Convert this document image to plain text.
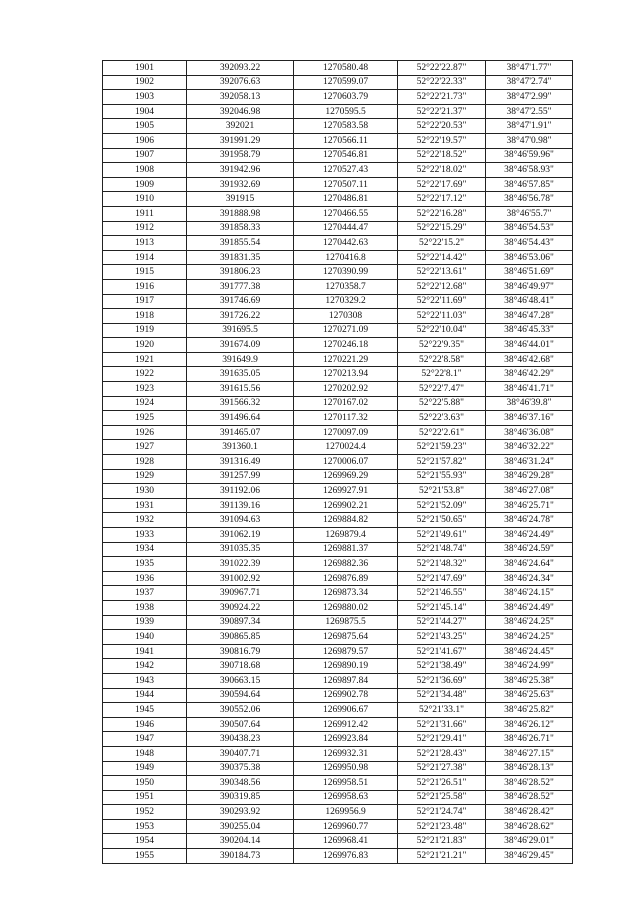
1901	392093.22	1270580.48	52°22'22.87"	38°47'1.77"
1902	392076.63	1270599.07	52°22'22.33"	38°47'2.74"
1903	392058.13	1270603.79	52°22'21.73"	38°47'2.99"
1904	392046.98	1270595.5	52°22'21.37"	38°47'2.55"
1905	392021	1270583.58	52°22'20.53"	38°47'1.91"
1906	391991.29	1270566.11	52°22'19.57"	38°47'0.98"
1907	391958.79	1270546.81	52°22'18.52"	38°46'59.96"
1908	391942.96	1270527.43	52°22'18.02"	38°46'58.93"
1909	391932.69	1270507.11	52°22'17.69"	38°46'57.85"
1910	391915	1270486.81	52°22'17.12"	38°46'56.78"
1911	391888.98	1270466.55	52°22'16.28"	38°46'55.7"
1912	391858.33	1270444.47	52°22'15.29"	38°46'54.53"
1913	391855.54	1270442.63	52°22'15.2"	38°46'54.43"
1914	391831.35	1270416.8	52°22'14.42"	38°46'53.06"
1915	391806.23	1270390.99	52°22'13.61"	38°46'51.69"
1916	391777.38	1270358.7	52°22'12.68"	38°46'49.97"
1917	391746.69	1270329.2	52°22'11.69"	38°46'48.41"
1918	391726.22	1270308	52°22'11.03"	38°46'47.28"
1919	391695.5	1270271.09	52°22'10.04"	38°46'45.33"
1920	391674.09	1270246.18	52°22'9.35"	38°46'44.01"
1921	391649.9	1270221.29	52°22'8.58"	38°46'42.68"
1922	391635.05	1270213.94	52°22'8.1"	38°46'42.29"
1923	391615.56	1270202.92	52°22'7.47"	38°46'41.71"
1924	391566.32	1270167.02	52°22'5.88"	38°46'39.8"
1925	391496.64	1270117.32	52°22'3.63"	38°46'37.16"
1926	391465.07	1270097.09	52°22'2.61"	38°46'36.08"
1927	391360.1	1270024.4	52°21'59.23"	38°46'32.22"
1928	391316.49	1270006.07	52°21'57.82"	38°46'31.24"
1929	391257.99	1269969.29	52°21'55.93"	38°46'29.28"
1930	391192.06	1269927.91	52°21'53.8"	38°46'27.08"
1931	391139.16	1269902.21	52°21'52.09"	38°46'25.71"
1932	391094.63	1269884.82	52°21'50.65"	38°46'24.78"
1933	391062.19	1269879.4	52°21'49.61"	38°46'24.49"
1934	391035.35	1269881.37	52°21'48.74"	38°46'24.59"
1935	391022.39	1269882.36	52°21'48.32"	38°46'24.64"
1936	391002.92	1269876.89	52°21'47.69"	38°46'24.34"
1937	390967.71	1269873.34	52°21'46.55"	38°46'24.15"
1938	390924.22	1269880.02	52°21'45.14"	38°46'24.49"
1939	390897.34	1269875.5	52°21'44.27"	38°46'24.25"
1940	390865.85	1269875.64	52°21'43.25"	38°46'24.25"
1941	390816.79	1269879.57	52°21'41.67"	38°46'24.45"
1942	390718.68	1269890.19	52°21'38.49"	38°46'24.99"
1943	390663.15	1269897.84	52°21'36.69"	38°46'25.38"
1944	390594.64	1269902.78	52°21'34.48"	38°46'25.63"
1945	390552.06	1269906.67	52°21'33.1"	38°46'25.82"
1946	390507.64	1269912.42	52°21'31.66"	38°46'26.12"
1947	390438.23	1269923.84	52°21'29.41"	38°46'26.71"
1948	390407.71	1269932.31	52°21'28.43"	38°46'27.15"
1949	390375.38	1269950.98	52°21'27.38"	38°46'28.13"
1950	390348.56	1269958.51	52°21'26.51"	38°46'28.52"
1951	390319.85	1269958.63	52°21'25.58"	38°46'28.52"
1952	390293.92	1269956.9	52°21'24.74"	38°46'28.42"
1953	390255.04	1269960.77	52°21'23.48"	38°46'28.62"
1954	390204.14	1269968.41	52°21'21.83"	38°46'29.01"
1955	390184.73	1269976.83	52°21'21.21"	38°46'29.45"
